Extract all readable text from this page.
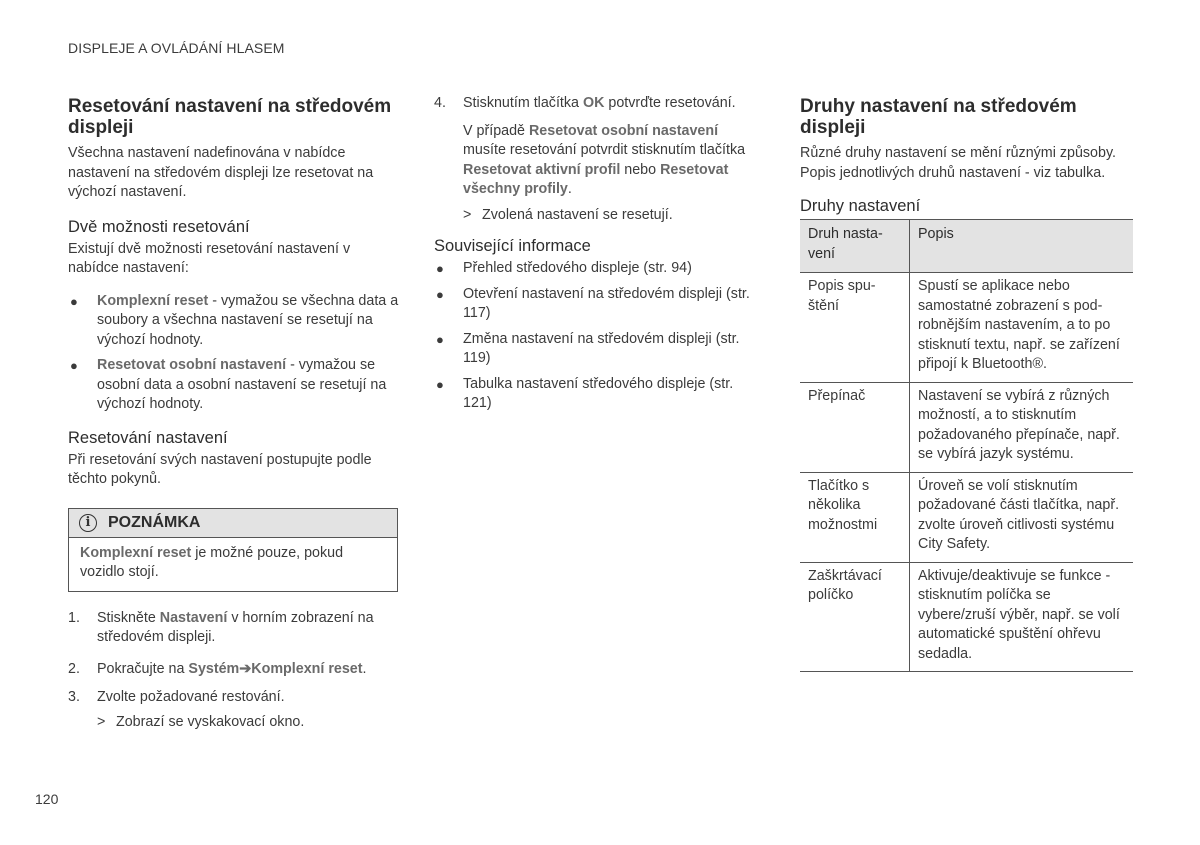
DISPLEJE A OVLÁDÁNÍ HLASEM
Resetování nastavení na středovém displeji

Všechna nastavení nadefinována v nabídce nastavení na středovém displeji lze resetovat na výchozí nastavení.

Dvě možnosti resetování

Existují dvě možnosti resetování nastavení v nabídce nastavení:

● Komplexní reset - vymažou se všechna data a soubory a všechna nastavení se resetují na výchozí hodnoty.
● Resetovat osobní nastavení - vymažou se osobní data a osobní nastavení se resetují na výchozí hodnoty.
Resetování nastavení

Při resetování svých nastavení postupujte podle těchto pokynů.

i	POZNÁMKA

Komplexní reset je možné pouze, pokud vozidlo stojí.

1. Stiskněte Nastavení v horním zobrazení na středovém displeji.
2. Pokračujte na Systém➔Komplexní reset.
3. Zvolte požadované restování.
> Zobrazí se vyskakovací okno.
4. Stisknutím tlačítka OK potvrďte resetování.

V případě Resetovat osobní nastavení musíte resetování potvrdit stisknutím tlačítka Resetovat aktivní profil nebo Resetovat všechny profily.

> Zvolená nastavení se resetují.
Související informace
● Přehled středového displeje (str. 94)
● Otevření nastavení na středovém displeji (str. 117)
● Změna nastavení na středovém displeji (str. 119)
● Tabulka nastavení středového displeje (str. 121)
Druhy nastavení na středovém displeji

Různé druhy nastavení se mění různými způsoby. Popis jednotlivých druhů nastavení - viz tabulka.

Druhy nastavení

Druh nastavení	Popis
Popis spuštění	Spustí se aplikace nebo samostatné zobrazení s podrobnějším nastavením, a to po stisknutí textu, např. se zařízení připojí k Bluetooth®.
Přepínač	Nastavení se vybírá z různých možností, a to stisknutím požadovaného přepínače, např. se vybírá jazyk systému.
Tlačítko s několika možnostmi	Úroveň se volí stisknutím požadované části tlačítka, např. zvolte úroveň citlivosti systému City Safety.
Zaškrtávací políčko	Aktivuje/deaktivuje se funkce - stisknutím políčka se vybere/zruší výběr, např. se volí automatické spuštění ohřevu sedadla.
120
